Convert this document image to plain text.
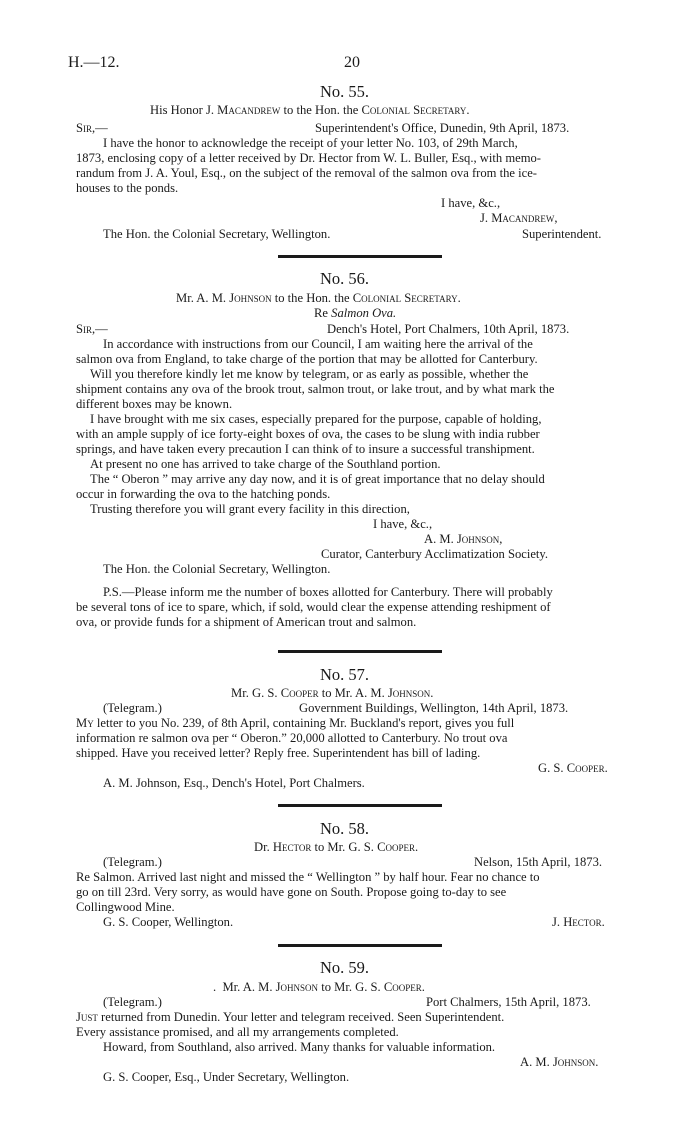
H.—12.	20
No. 55.
His Honor J. Macandrew to the Hon. the Colonial Secretary.
Sir,—	Superintendent's Office, Dunedin, 9th April, 1873.
I have the honor to acknowledge the receipt of your letter No. 103, of 29th March,
1873, enclosing copy of a letter received by Dr. Hector from W. L. Buller, Esq., with memo-
randum from J. A. Youl, Esq., on the subject of the removal of the salmon ova from the ice-
houses to the ponds.
I have, &c.,
J. Macandrew,
The Hon. the Colonial Secretary, Wellington.	Superintendent.
No. 56.
Mr. A. M. Johnson to the Hon. the Colonial Secretary.
Re Salmon Ova.
Sir,—	Dench's Hotel, Port Chalmers, 10th April, 1873.
In accordance with instructions from our Council, I am waiting here the arrival of the
salmon ova from England, to take charge of the portion that may be allotted for Canterbury.
Will you therefore kindly let me know by telegram, or as early as possible, whether the
shipment contains any ova of the brook trout, salmon trout, or lake trout, and by what mark the
different boxes may be known.
I have brought with me six cases, especially prepared for the purpose, capable of holding,
with an ample supply of ice forty-eight boxes of ova, the cases to be slung with india rubber
springs, and have taken every precaution I can think of to insure a successful transhipment.
At present no one has arrived to take charge of the Southland portion.
The “ Oberon ” may arrive any day now, and it is of great importance that no delay should
occur in forwarding the ova to the hatching ponds.
Trusting therefore you will grant every facility in this direction,
I have, &c.,
A. M. Johnson,
Curator, Canterbury Acclimatization Society.
The Hon. the Colonial Secretary, Wellington.
P.S.—Please inform me the number of boxes allotted for Canterbury. There will probably
be several tons of ice to spare, which, if sold, would clear the expense attending reshipment of
ova, or provide funds for a shipment of American trout and salmon.
No. 57.
Mr. G. S. Cooper to Mr. A. M. Johnson.
(Telegram.)	Government Buildings, Wellington, 14th April, 1873.
My letter to you No. 239, of 8th April, containing Mr. Buckland's report, gives you full
information re salmon ova per “ Oberon.” 20,000 allotted to Canterbury. No trout ova
shipped. Have you received letter? Reply free. Superintendent has bill of lading.
G. S. Cooper.
A. M. Johnson, Esq., Dench's Hotel, Port Chalmers.
No. 58.
Dr. Hector to Mr. G. S. Cooper.
(Telegram.)	Nelson, 15th April, 1873.
Re Salmon. Arrived last night and missed the “ Wellington ” by half hour. Fear no chance to
go on till 23rd. Very sorry, as would have gone on South. Propose going to-day to see
Collingwood Mine.
G. S. Cooper, Wellington.	J. Hector.
No. 59.
.  Mr. A. M. Johnson to Mr. G. S. Cooper.
(Telegram.)	Port Chalmers, 15th April, 1873.
Just returned from Dunedin. Your letter and telegram received. Seen Superintendent.
Every assistance promised, and all my arrangements completed.
Howard, from Southland, also arrived. Many thanks for valuable information.
A. M. Johnson.
G. S. Cooper, Esq., Under Secretary, Wellington.
